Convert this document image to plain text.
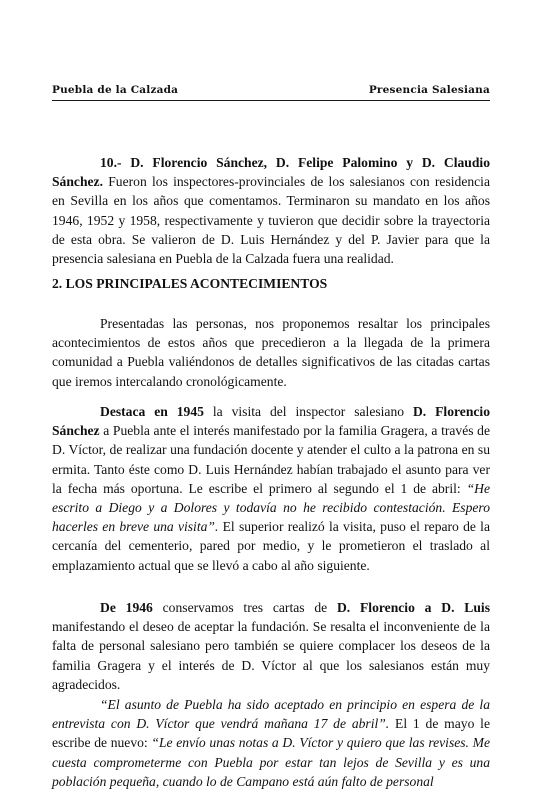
Puebla de la Calzada	Presencia Salesiana

10.- D. Florencio Sánchez, D. Felipe Palomino y D. Claudio Sánchez. Fueron los inspectores-provinciales de los salesianos con residencia en Sevilla en los años que comentamos. Terminaron su mandato en los años 1946, 1952 y 1958, respectivamente y tuvieron que decidir sobre la trayectoria de esta obra. Se valieron de D. Luis Hernández y del P. Javier para que la presencia salesiana en Puebla de la Calzada fuera una realidad.

2. LOS PRINCIPALES ACONTECIMIENTOS

Presentadas las personas, nos proponemos resaltar los principales acontecimientos de estos años que precedieron a la llegada de la primera comunidad a Puebla valiéndonos de detalles significativos de las citadas cartas que iremos intercalando cronológicamente.

Destaca en 1945 la visita del inspector salesiano D. Florencio Sánchez a Puebla ante el interés manifestado por la familia Gragera, a través de D. Víctor, de realizar una fundación docente y atender el culto a la patrona en su ermita. Tanto éste como D. Luis Hernández habían trabajado el asunto para ver la fecha más oportuna. Le escribe el primero al segundo el 1 de abril: “He escrito a Diego y a Dolores y todavía no he recibido contestación. Espero hacerles en breve una visita”. El superior realizó la visita, puso el reparo de la cercanía del cementerio, pared por medio, y le prometieron el traslado al emplazamiento actual que se llevó a cabo al año siguiente.

De 1946 conservamos tres cartas de D. Florencio a D. Luis manifestando el deseo de aceptar la fundación. Se resalta el inconveniente de la falta de personal salesiano pero también se quiere complacer los deseos de la familia Gragera y el interés de D. Víctor al que los salesianos están muy agradecidos.

“El asunto de Puebla ha sido aceptado en principio en espera de la entrevista con D. Víctor que vendrá mañana 17 de abril”. El 1 de mayo le escribe de nuevo: “Le envío unas notas a D. Víctor y quiero que las revises. Me cuesta comprometerme con Puebla por estar tan lejos de Sevilla y es una población pequeña, cuando lo de Campano está aún falto de personal
